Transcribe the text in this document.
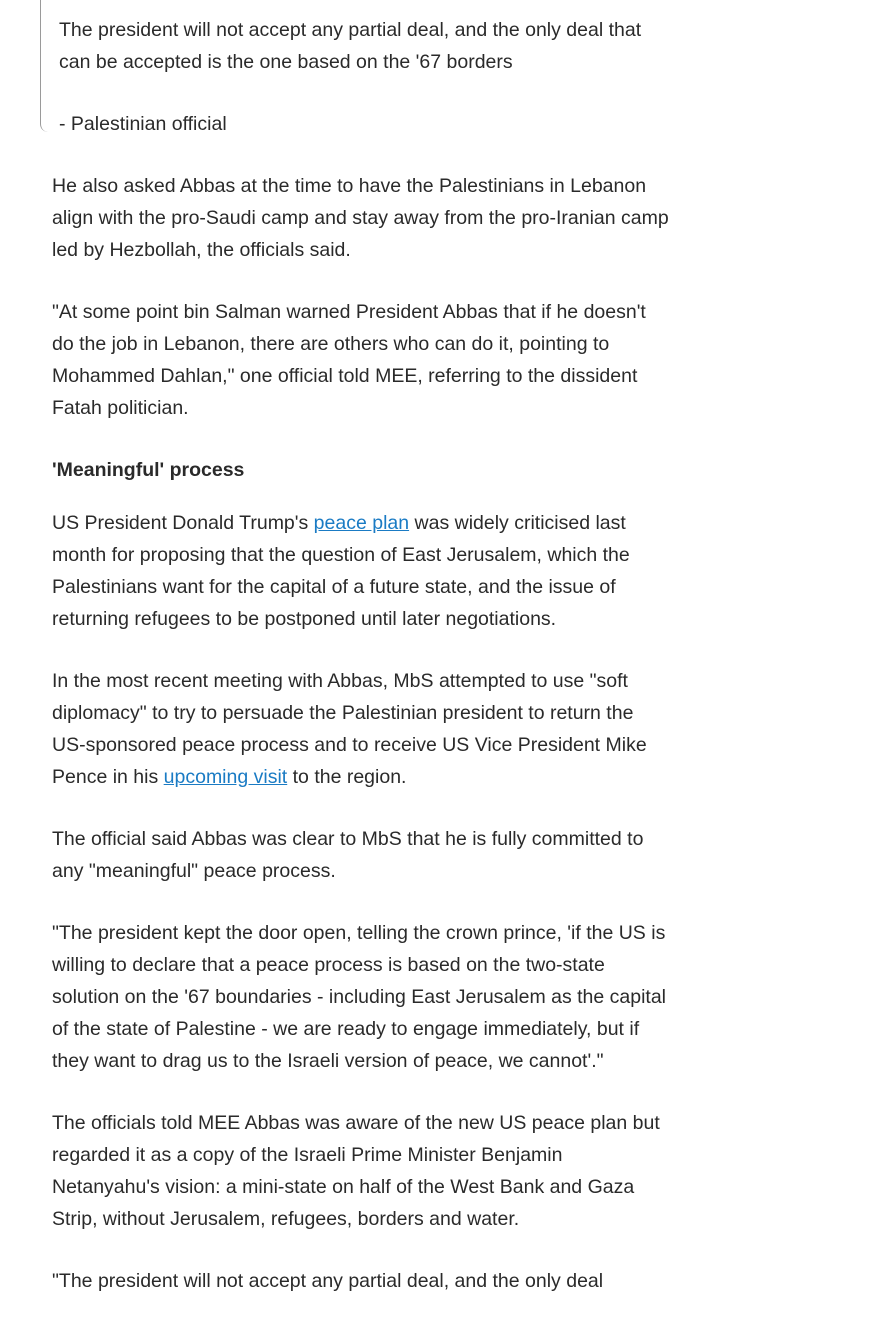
The president will not accept any partial deal, and the only deal that can be accepted is the one based on the '67 borders

- Palestinian official

He also asked Abbas at the time to have the Palestinians in Lebanon align with the pro-Saudi camp and stay away from the pro-Iranian camp led by Hezbollah, the officials said.

"At some point bin Salman warned President Abbas that if he doesn't do the job in Lebanon, there are others who can do it, pointing to Mohammed Dahlan," one official told MEE, referring to the dissident Fatah politician.

'Meaningful' process

US President Donald Trump's peace plan was widely criticised last month for proposing that the question of East Jerusalem, which the Palestinians want for the capital of a future state, and the issue of returning refugees to be postponed until later negotiations.

In the most recent meeting with Abbas, MbS attempted to use "soft diplomacy" to try to persuade the Palestinian president to return the US-sponsored peace process and to receive US Vice President Mike Pence in his upcoming visit to the region.

The official said Abbas was clear to MbS that he is fully committed to any "meaningful" peace process.

"The president kept the door open, telling the crown prince, 'if the US is willing to declare that a peace process is based on the two-state solution on the '67 boundaries - including East Jerusalem as the capital of the state of Palestine - we are ready to engage immediately, but if they want to drag us to the Israeli version of peace, we cannot'."

The officials told MEE Abbas was aware of the new US peace plan but regarded it as a copy of the Israeli Prime Minister Benjamin Netanyahu's vision: a mini-state on half of the West Bank and Gaza Strip, without Jerusalem, refugees, borders and water.

"The president will not accept any partial deal, and the only deal
